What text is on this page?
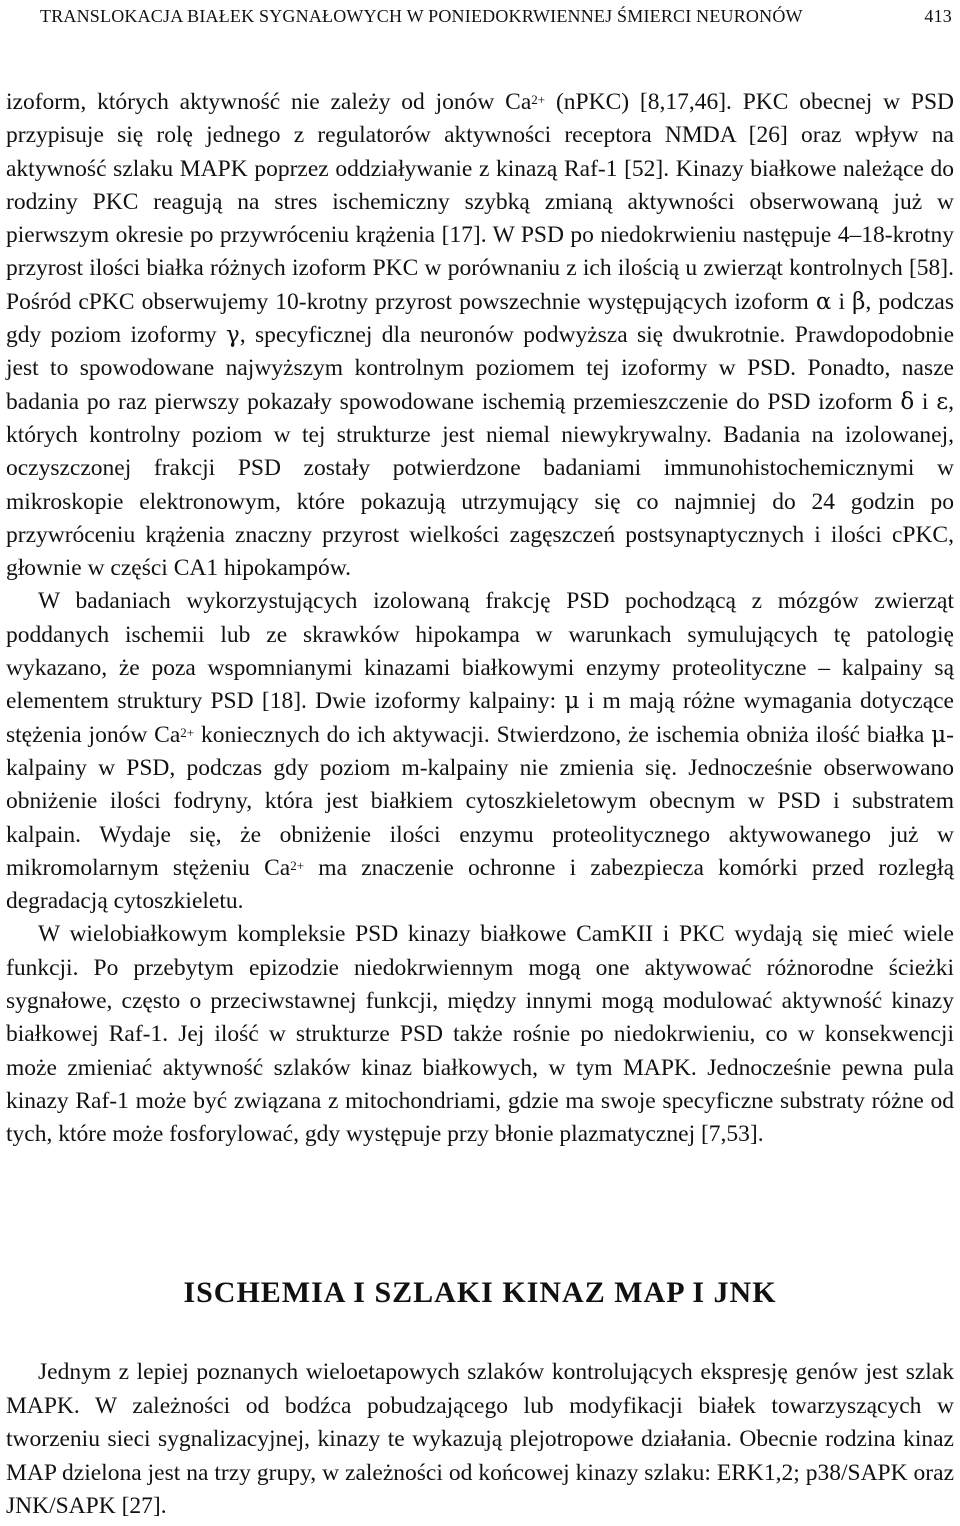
TRANSLOKACJA BIAŁEK SYGNAŁOWYCH W PONIEDOKRWIENNEJ ŚMIERCI NEURONÓW	413

izoform, których aktywność nie zależy od jonów $Ca^{2+}$ (nPKC) [8,17,46]. PKC obecnej w PSD przypisuje się rolę jednego z regulatorów aktywności receptora NMDA [26] oraz wpływ na aktywność szlaku MAPK poprzez oddziaływanie z kinazą Raf-1 [52]. Kinazy białkowe należące do rodziny PKC reagują na stres ischemiczny szybką zmianą aktywności obserwowaną już w pierwszym okresie po przywróceniu krążenia [17]. W PSD po niedokrwieniu następuje 4–18-krotny przyrost ilości białka różnych izoform PKC w porównaniu z ich ilością u zwierząt kontrolnych [58]. Pośród cPKC obserwujemy 10-krotny przyrost powszechnie występujących izoform α i β, podczas gdy poziom izoformy γ, specyficznej dla neuronów podwyższa się dwukrotnie. Prawdopodobnie jest to spowodowane najwyższym kontrolnym poziomem tej izoformy w PSD. Ponadto, nasze badania po raz pierwszy pokazały spowodowane ischemią przemieszczenie do PSD izoform δ i ε, których kontrolny poziom w tej strukturze jest niemal niewykrywalny. Badania na izolowanej, oczyszczonej frakcji PSD zostały potwierdzone badaniami immunohistochemicznymi w mikroskopie elektronowym, które pokazują utrzymujący się co najmniej do 24 godzin po przywróceniu krążenia znaczny przyrost wielkości zagęszczeń postsynaptycznych i ilości cPKC, głownie w części CA1 hipokampów.

W badaniach wykorzystujących izolowaną frakcję PSD pochodzącą z mózgów zwierząt poddanych ischemii lub ze skrawków hipokampa w warunkach symulujących tę patologię wykazano, że poza wspomnianymi kinazami białkowymi enzymy proteolityczne – kalpainy są elementem struktury PSD [18]. Dwie izoformy kalpainy: μ i m mają różne wymagania dotyczące stężenia jonów $Ca^{2+}$ koniecznych do ich aktywacji. Stwierdzono, że ischemia obniża ilość białka μ-kalpainy w PSD, podczas gdy poziom m-kalpainy nie zmienia się. Jednocześnie obserwowano obniżenie ilości fodryny, która jest białkiem cytoszkieletowym obecnym w PSD i substratem kalpain. Wydaje się, że obniżenie ilości enzymu proteolitycznego aktywowanego już w mikromolarnym stężeniu $Ca^{2+}$ ma znaczenie ochronne i zabezpiecza komórki przed rozległą degradacją cytoszkieletu.

W wielobiałkowym kompleksie PSD kinazy białkowe CamKII i PKC wydają się mieć wiele funkcji. Po przebytym epizodzie niedokrwiennym mogą one aktywować różnorodne ścieżki sygnałowe, często o przeciwstawnej funkcji, między innymi mogą modulować aktywność kinazy białkowej Raf-1. Jej ilość w strukturze PSD także rośnie po niedokrwieniu, co w konsekwencji może zmieniać aktywność szlaków kinaz białkowych, w tym MAPK. Jednocześnie pewna pula kinazy Raf-1 może być związana z mitochondriami, gdzie ma swoje specyficzne substraty różne od tych, które może fosforylować, gdy występuje przy błonie plazmatycznej [7,53].

ISCHEMIA I SZLAKI KINAZ MAP I JNK

Jednym z lepiej poznanych wieloetapowych szlaków kontrolujących ekspresję genów jest szlak MAPK. W zależności od bodźca pobudzającego lub modyfikacji białek towarzyszących w tworzeniu sieci sygnalizacyjnej, kinazy te wykazują plejotropowe działania. Obecnie rodzina kinaz MAP dzielona jest na trzy grupy, w zależności od końcowej kinazy szlaku: ERK1,2; p38/SAPK oraz JNK/SAPK [27].
